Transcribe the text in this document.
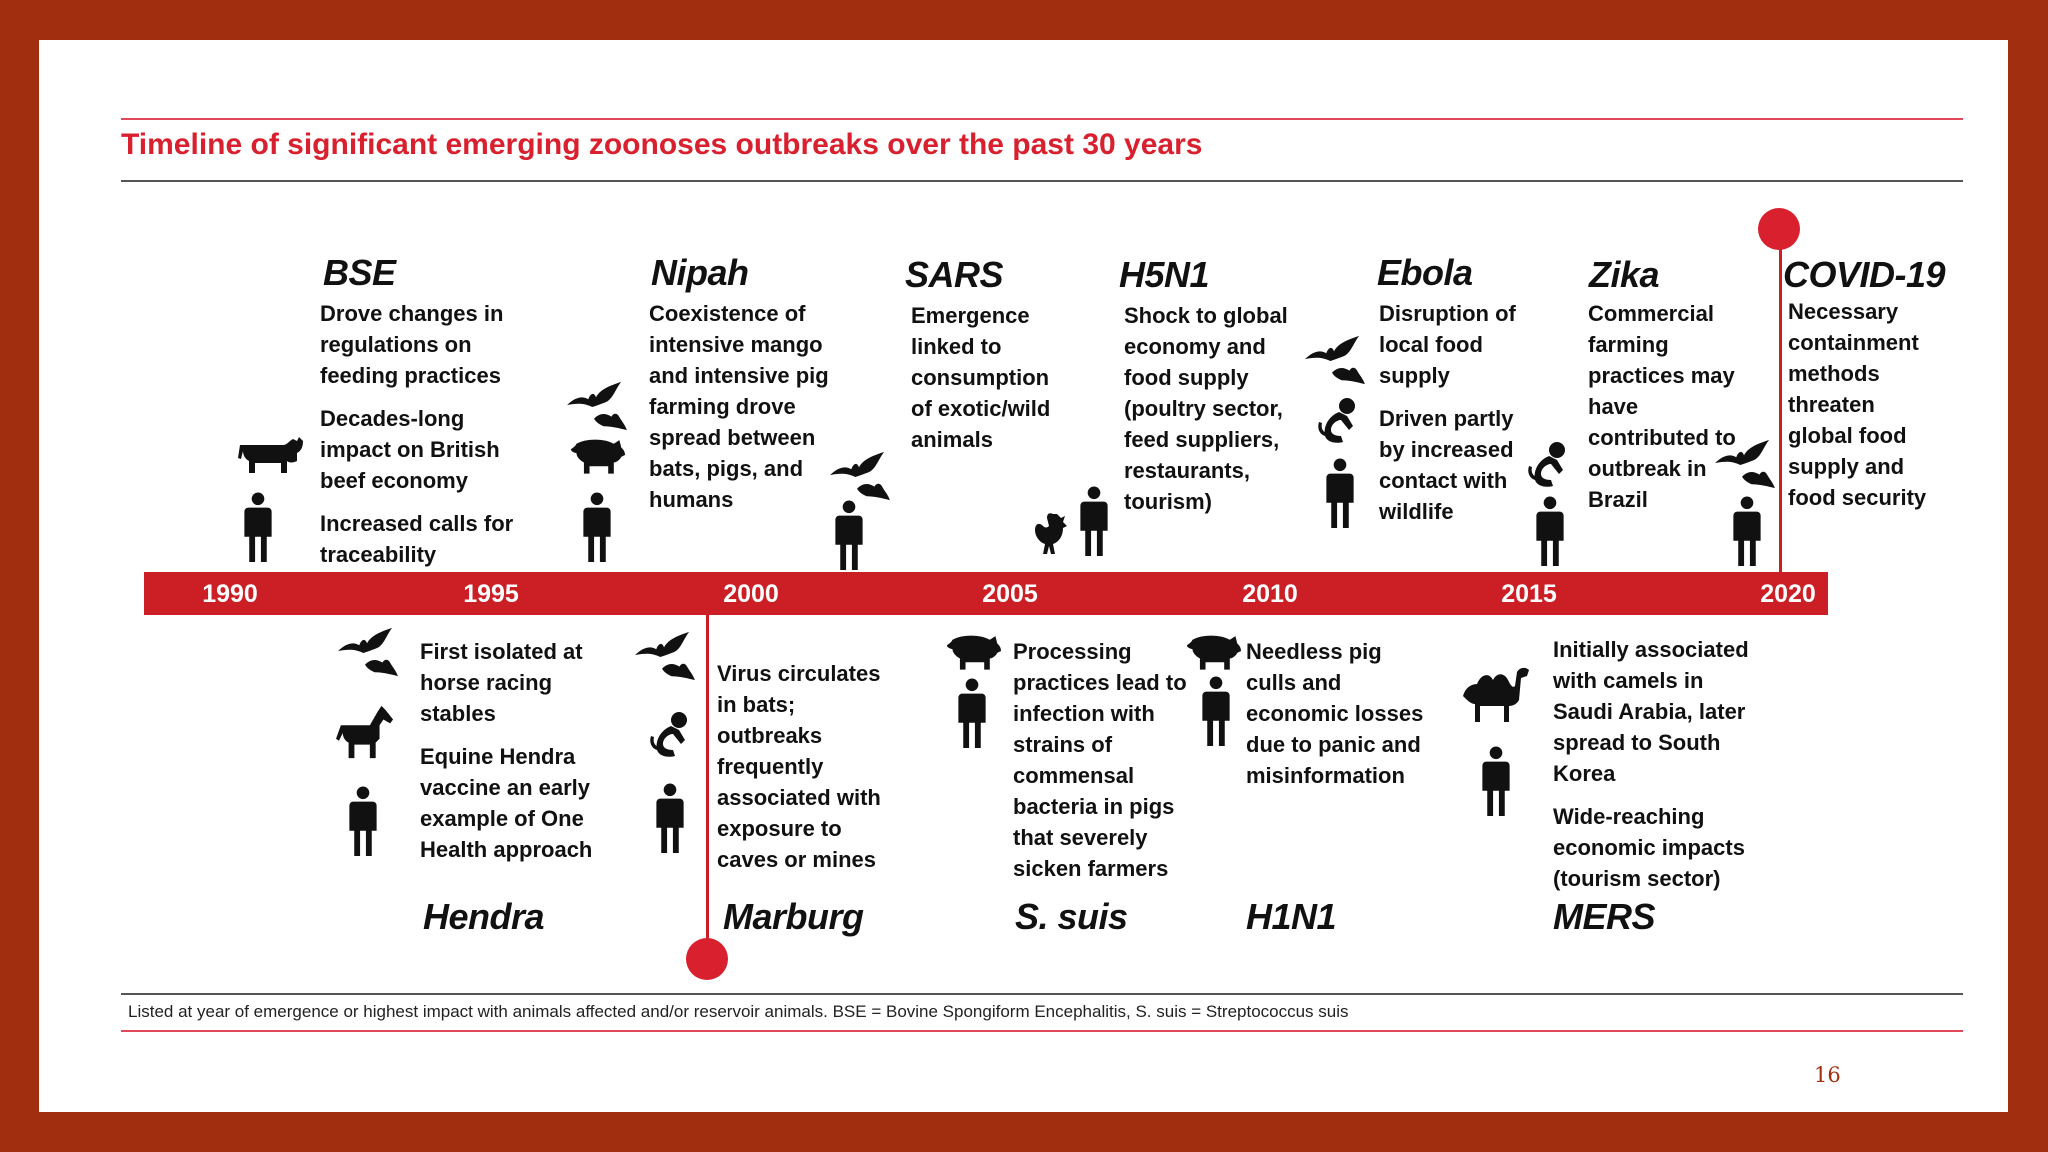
Timeline of significant emerging zoonoses outbreaks over the past 30 years
BSE

Drove changes in regulations on feeding practices

Decades-long impact on British beef economy

Increased calls for traceability

Nipah

Coexistence of intensive mango and intensive pig farming drove spread between bats, pigs, and humans

SARS

Emergence linked to consumption of exotic/wild animals

H5N1

Shock to global economy and food supply (poultry sector, feed suppliers, restaurants, tourism)

Ebola

Disruption of local food supply

Driven partly by increased contact with wildlife

Zika

Commercial farming practices may have contributed to outbreak in Brazil

COVID-19

Necessary containment methods threaten global food supply and food security

1990	1995	2000	2005	2010	2015	2020

First isolated at horse racing stables

Equine Hendra vaccine an early example of One Health approach

Hendra

Virus circulates in bats; outbreaks frequently associated with exposure to caves or mines

Marburg

Processing practices lead to infection with strains of commensal bacteria in pigs that severely sicken farmers

S. suis

Needless pig culls and economic losses due to panic and misinformation

H1N1

Initially associated with camels in Saudi Arabia, later spread to South Korea

Wide-reaching economic impacts (tourism sector)

MERS
Listed at year of emergence or highest impact with animals affected and/or reservoir animals. BSE = Bovine Spongiform Encephalitis, S. suis = Streptococcus suis
16
